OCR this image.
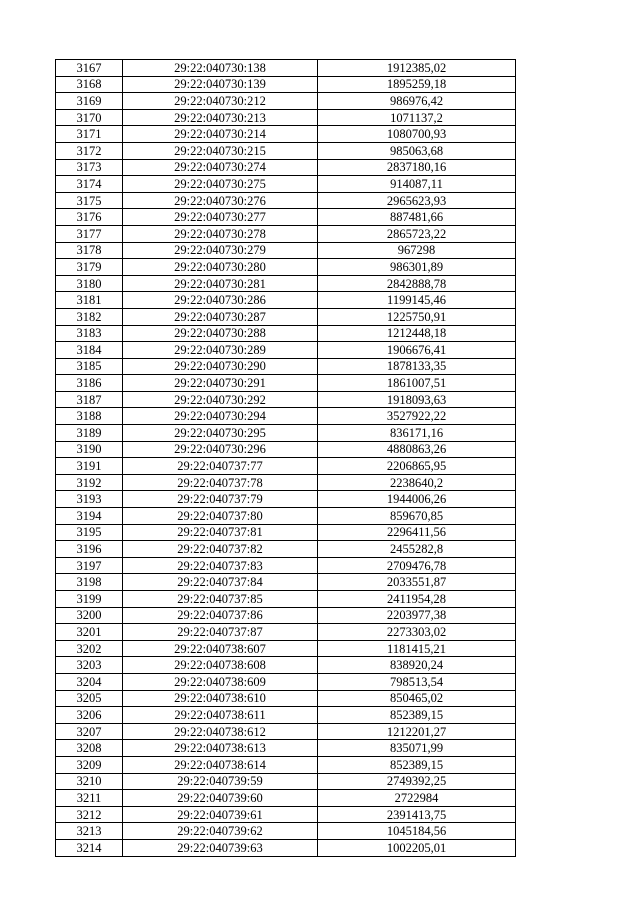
3167	29:22:040730:138	1912385,02
3168	29:22:040730:139	1895259,18
3169	29:22:040730:212	986976,42
3170	29:22:040730:213	1071137,2
3171	29:22:040730:214	1080700,93
3172	29:22:040730:215	985063,68
3173	29:22:040730:274	2837180,16
3174	29:22:040730:275	914087,11
3175	29:22:040730:276	2965623,93
3176	29:22:040730:277	887481,66
3177	29:22:040730:278	2865723,22
3178	29:22:040730:279	967298
3179	29:22:040730:280	986301,89
3180	29:22:040730:281	2842888,78
3181	29:22:040730:286	1199145,46
3182	29:22:040730:287	1225750,91
3183	29:22:040730:288	1212448,18
3184	29:22:040730:289	1906676,41
3185	29:22:040730:290	1878133,35
3186	29:22:040730:291	1861007,51
3187	29:22:040730:292	1918093,63
3188	29:22:040730:294	3527922,22
3189	29:22:040730:295	836171,16
3190	29:22:040730:296	4880863,26
3191	29:22:040737:77	2206865,95
3192	29:22:040737:78	2238640,2
3193	29:22:040737:79	1944006,26
3194	29:22:040737:80	859670,85
3195	29:22:040737:81	2296411,56
3196	29:22:040737:82	2455282,8
3197	29:22:040737:83	2709476,78
3198	29:22:040737:84	2033551,87
3199	29:22:040737:85	2411954,28
3200	29:22:040737:86	2203977,38
3201	29:22:040737:87	2273303,02
3202	29:22:040738:607	1181415,21
3203	29:22:040738:608	838920,24
3204	29:22:040738:609	798513,54
3205	29:22:040738:610	850465,02
3206	29:22:040738:611	852389,15
3207	29:22:040738:612	1212201,27
3208	29:22:040738:613	835071,99
3209	29:22:040738:614	852389,15
3210	29:22:040739:59	2749392,25
3211	29:22:040739:60	2722984
3212	29:22:040739:61	2391413,75
3213	29:22:040739:62	1045184,56
3214	29:22:040739:63	1002205,01
